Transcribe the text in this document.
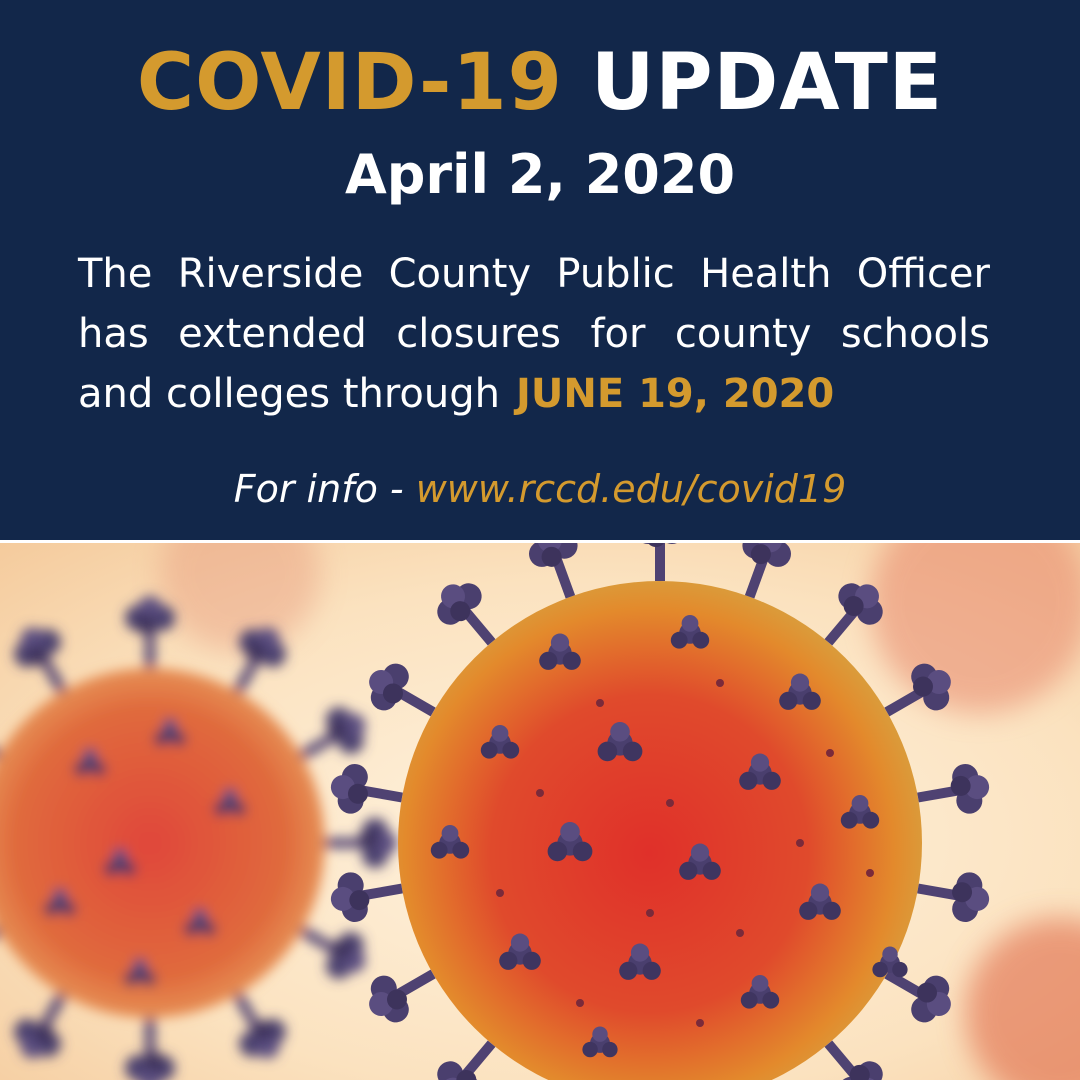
COVID-19 UPDATE
April 2, 2020
The Riverside County Public Health Officer
has extended closures for county schools
and colleges through JUNE 19, 2020
For info - www.rccd.edu/covid19
